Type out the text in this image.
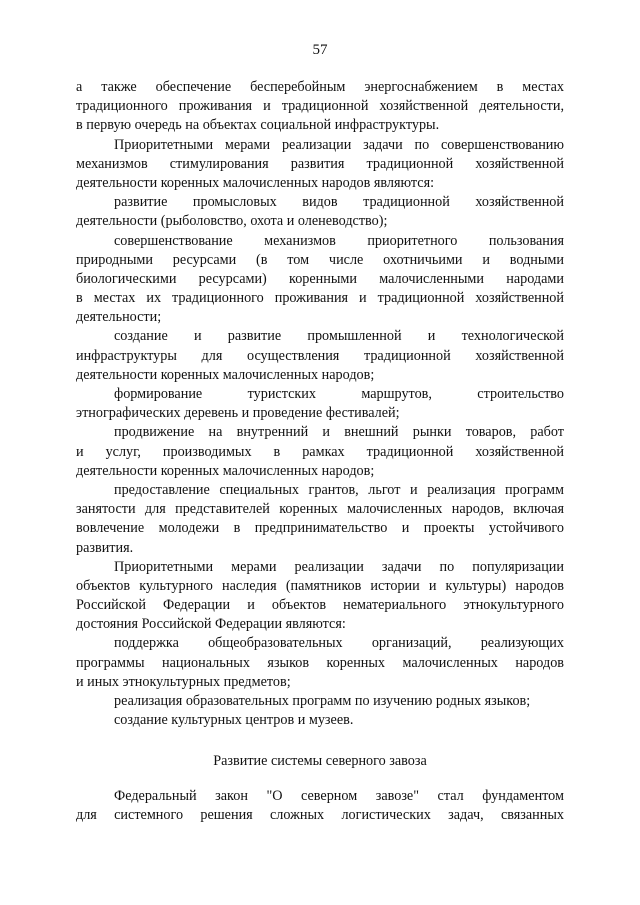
57
а также обеспечение бесперебойным энергоснабжением в местах
традиционного проживания и традиционной хозяйственной деятельности,
в первую очередь на объектах социальной инфраструктуры.
Приоритетными мерами реализации задачи по совершенствованию
механизмов стимулирования развития традиционной хозяйственной
деятельности коренных малочисленных народов являются:
развитие промысловых видов традиционной хозяйственной
деятельности (рыболовство, охота и оленеводство);
совершенствование механизмов приоритетного пользования
природными ресурсами (в том числе охотничьими и водными
биологическими ресурсами) коренными малочисленными народами
в местах их традиционного проживания и традиционной хозяйственной
деятельности;
создание и развитие промышленной и технологической
инфраструктуры для осуществления традиционной хозяйственной
деятельности коренных малочисленных народов;
формирование туристских маршрутов, строительство
этнографических деревень и проведение фестивалей;
продвижение на внутренний и внешний рынки товаров, работ
и услуг, производимых в рамках традиционной хозяйственной
деятельности коренных малочисленных народов;
предоставление специальных грантов, льгот и реализация программ
занятости для представителей коренных малочисленных народов, включая
вовлечение молодежи в предпринимательство и проекты устойчивого
развития.
Приоритетными мерами реализации задачи по популяризации
объектов культурного наследия (памятников истории и культуры) народов
Российской Федерации и объектов нематериального этнокультурного
достояния Российской Федерации являются:
поддержка общеобразовательных организаций, реализующих
программы национальных языков коренных малочисленных народов
и иных этнокультурных предметов;
реализация образовательных программ по изучению родных языков;
создание культурных центров и музеев.
Развитие системы северного завоза
Федеральный закон "О северном завозе" стал фундаментом
для системного решения сложных логистических задач, связанных
